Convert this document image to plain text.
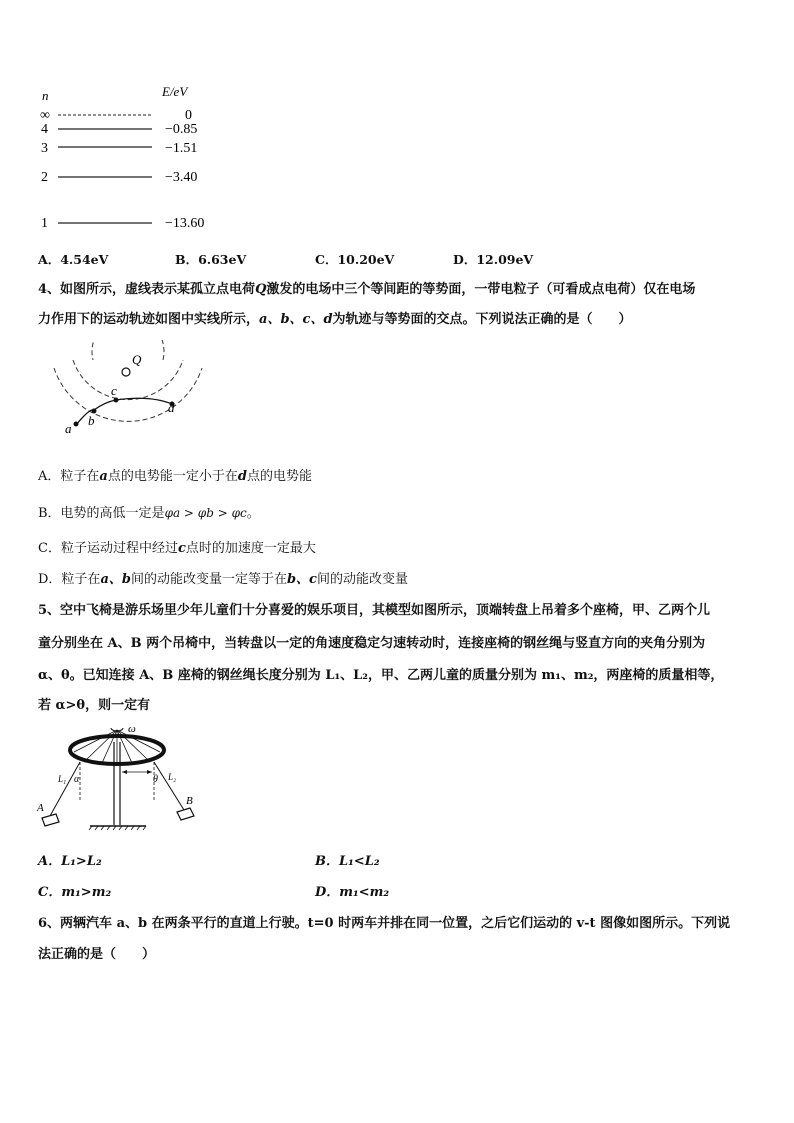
n	E/eV
∞	0
4	−0.85
3	−1.51
2	−3.40
1	−13.60
A．4.54eV	B．6.63eV	C．10.20eV	D．12.09eV
4、如图所示，虚线表示某孤立点电荷Q激发的电场中三个等间距的等势面，一带电粒子（可看成点电荷）仅在电场
力作用下的运动轨迹如图中实线所示，a、b、c、d为轨迹与等势面的交点。下列说法正确的是（　　）
Q
a
b
c
d
A．粒子在a点的电势能一定小于在d点的电势能
B．电势的高低一定是φa > φb > φc。
C．粒子运动过程中经过c点时的加速度一定最大
D．粒子在a、b间的动能改变量一定等于在b、c间的动能改变量
5、空中飞椅是游乐场里少年儿童们十分喜爱的娱乐项目，其模型如图所示，顶端转盘上吊着多个座椅，甲、乙两个儿
童分别坐在 A、B 两个吊椅中，当转盘以一定的角速度稳定匀速转动时，连接座椅的钢丝绳与竖直方向的夹角分别为
α、θ。已知连接 A、B 座椅的钢丝绳长度分别为 L₁、L₂，甲、乙两儿童的质量分别为 m₁、m₂，两座椅的质量相等，
若 α>θ，则一定有
ω
L₁	L₂
α	θ
A
B
A．L₁>L₂	B．L₁<L₂
C．m₁>m₂	D．m₁<m₂
6、两辆汽车 a、b 在两条平行的直道上行驶。t=0 时两车并排在同一位置，之后它们运动的 v-t 图像如图所示。下列说
法正确的是（　　）
